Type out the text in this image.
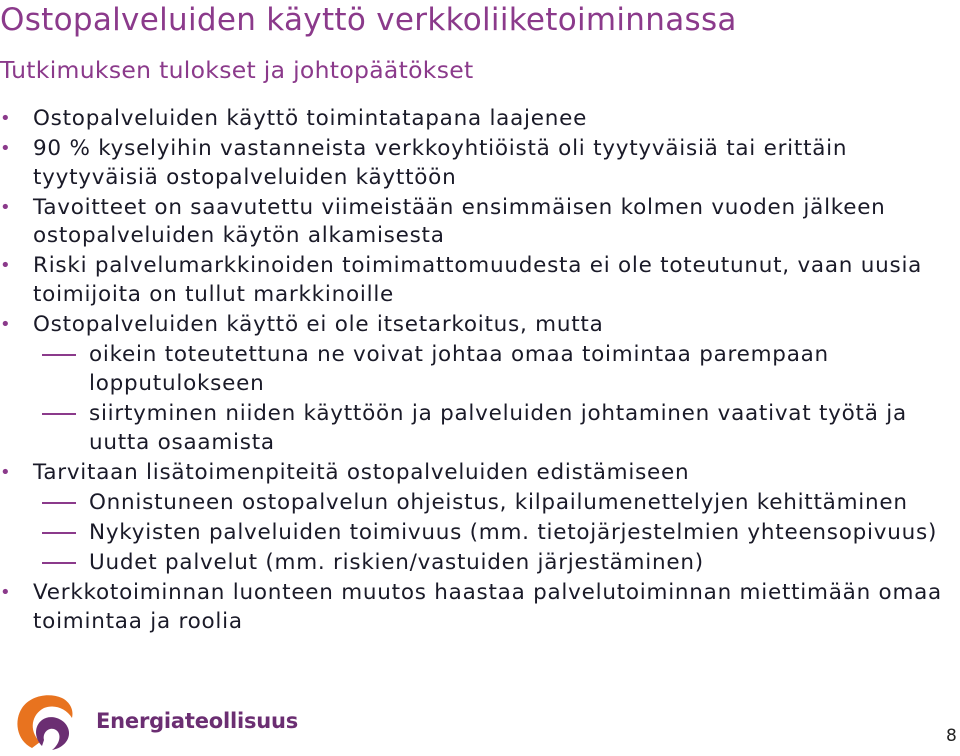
Ostopalveluiden käyttö verkkoliiketoiminnassa
Tutkimuksen tulokset ja johtopäätökset
• Ostopalveluiden käyttö toimintatapana laajenee
• 90 % kyselyihin vastanneista verkkoyhtiöistä oli tyytyväisiä tai erittäin tyytyväisiä ostopalveluiden käyttöön
• Tavoitteet on saavutettu viimeistään ensimmäisen kolmen vuoden jälkeen ostopalveluiden käytön alkamisesta
• Riski palvelumarkkinoiden toimimattomuudesta ei ole toteutunut, vaan uusia toimijoita on tullut markkinoille
• Ostopalveluiden käyttö ei ole itsetarkoitus, mutta
oikein toteutettuna ne voivat johtaa omaa toimintaa parempaan lopputulokseen
siirtyminen niiden käyttöön ja palveluiden johtaminen vaativat työtä ja uutta osaamista
• Tarvitaan lisätoimenpiteitä ostopalveluiden edistämiseen
Onnistuneen ostopalvelun ohjeistus, kilpailumenettelyjen kehittäminen
Nykyisten palveluiden toimivuus (mm. tietojärjestelmien yhteensopivuus)
Uudet palvelut (mm. riskien/vastuiden järjestäminen)
• Verkkotoiminnan luonteen muutos haastaa palvelutoiminnan miettimään omaa toimintaa ja roolia
Energiateollisuus
8
